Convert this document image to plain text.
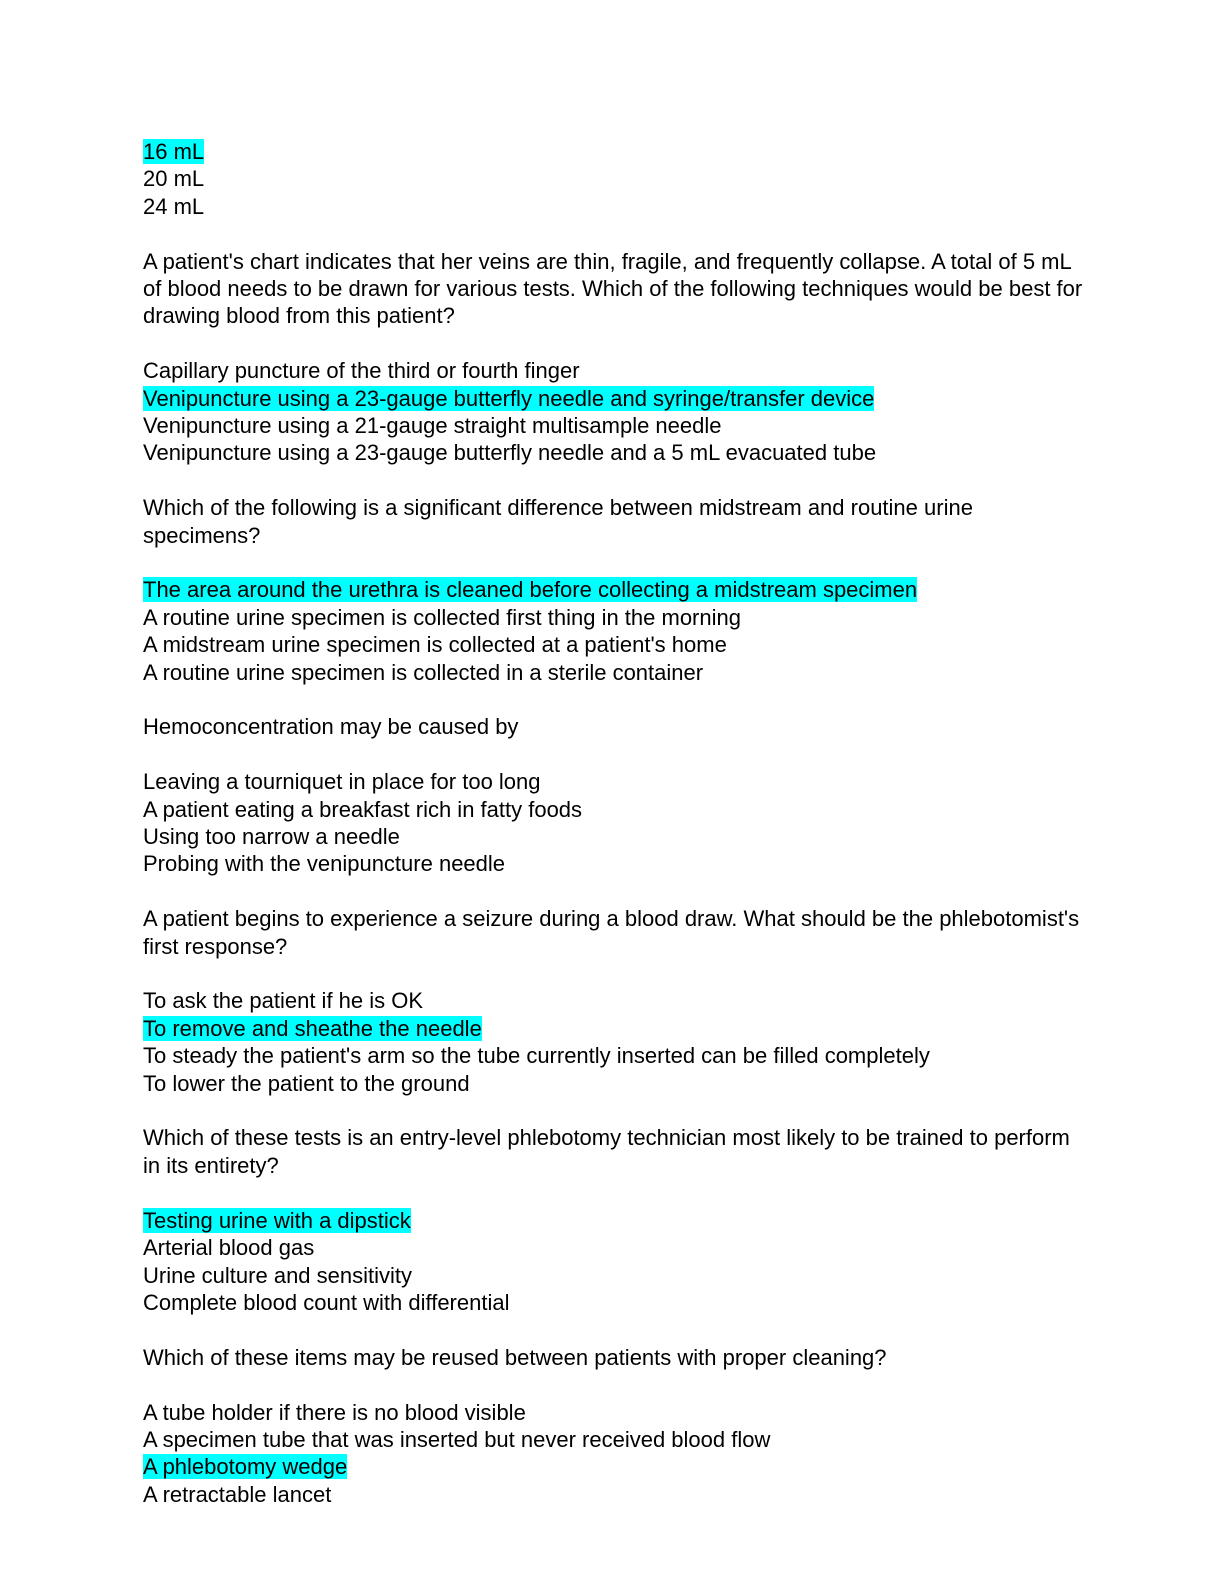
16 mL
20 mL
24 mL
A patient's chart indicates that her veins are thin, fragile, and frequently collapse. A total of 5 mL of blood needs to be drawn for various tests. Which of the following techniques would be best for drawing blood from this patient?
Capillary puncture of the third or fourth finger
Venipuncture using a 23-gauge butterfly needle and syringe/transfer device
Venipuncture using a 21-gauge straight multisample needle
Venipuncture using a 23-gauge butterfly needle and a 5 mL evacuated tube
Which of the following is a significant difference between midstream and routine urine specimens?
The area around the urethra is cleaned before collecting a midstream specimen
A routine urine specimen is collected first thing in the morning
A midstream urine specimen is collected at a patient's home
A routine urine specimen is collected in a sterile container
Hemoconcentration may be caused by
Leaving a tourniquet in place for too long
A patient eating a breakfast rich in fatty foods
Using too narrow a needle
Probing with the venipuncture needle
A patient begins to experience a seizure during a blood draw. What should be the phlebotomist's first response?
To ask the patient if he is OK
To remove and sheathe the needle
To steady the patient's arm so the tube currently inserted can be filled completely
To lower the patient to the ground
Which of these tests is an entry-level phlebotomy technician most likely to be trained to perform in its entirety?
Testing urine with a dipstick
Arterial blood gas
Urine culture and sensitivity
Complete blood count with differential
Which of these items may be reused between patients with proper cleaning?
A tube holder if there is no blood visible
A specimen tube that was inserted but never received blood flow
A phlebotomy wedge
A retractable lancet
